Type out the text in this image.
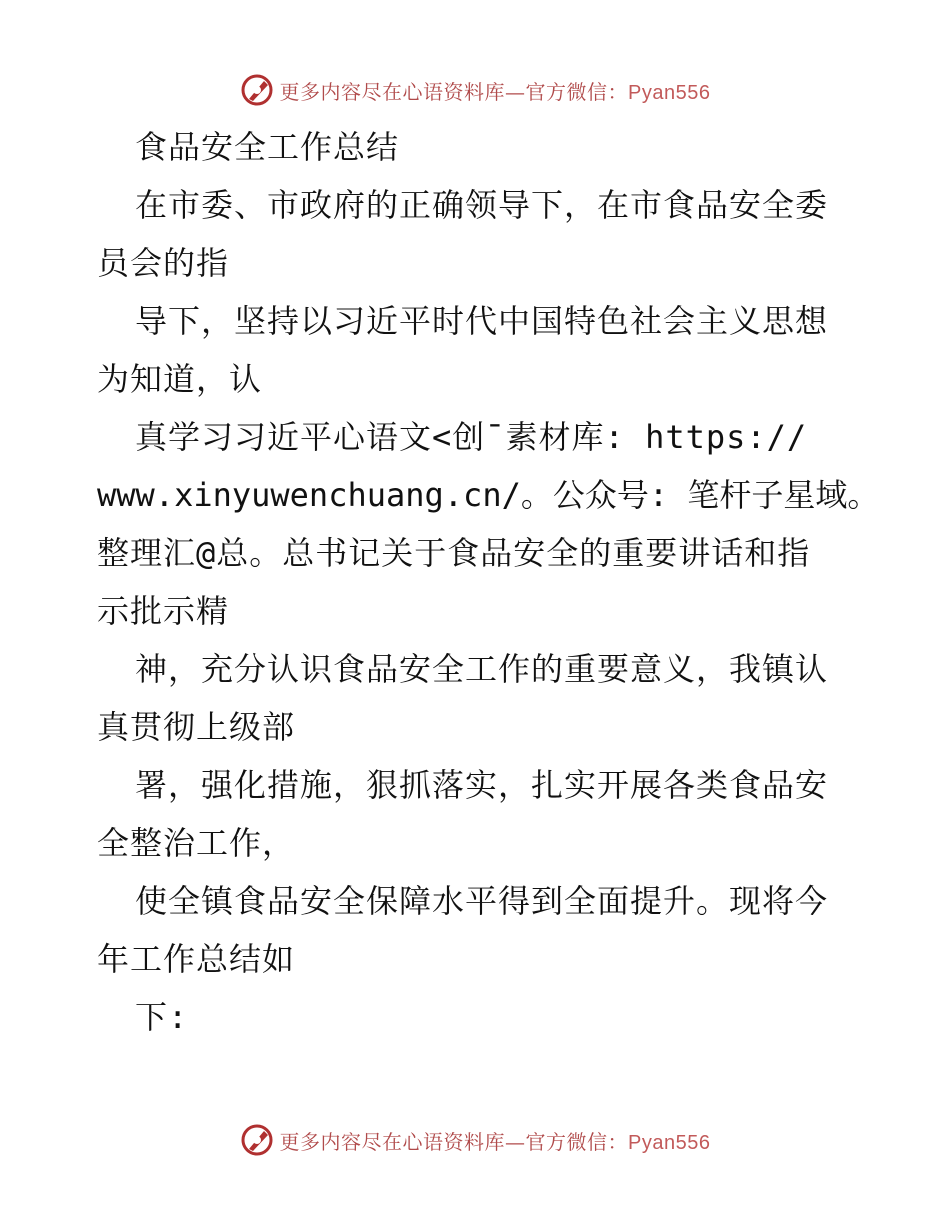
更多内容尽在心语资料库—官方微信：Pyan556
食品安全工作总结
在市委、市政府的正确领导下，在市食品安全委
员会的指
导下，坚持以习近平时代中国特色社会主义思想
为知道，认
真学习习近平心语文<创¯素材库: https://
www.xinyuwenchuang.cn/。公众号: 笔杆子星域。
整理汇@总。总书记关于食品安全的重要讲话和指
示批示精
神，充分认识食品安全工作的重要意义，我镇认
真贯彻上级部
署，强化措施，狠抓落实，扎实开展各类食品安
全整治工作，
使全镇食品安全保障水平得到全面提升。现将今
年工作总结如
下:
更多内容尽在心语资料库—官方微信：Pyan556
